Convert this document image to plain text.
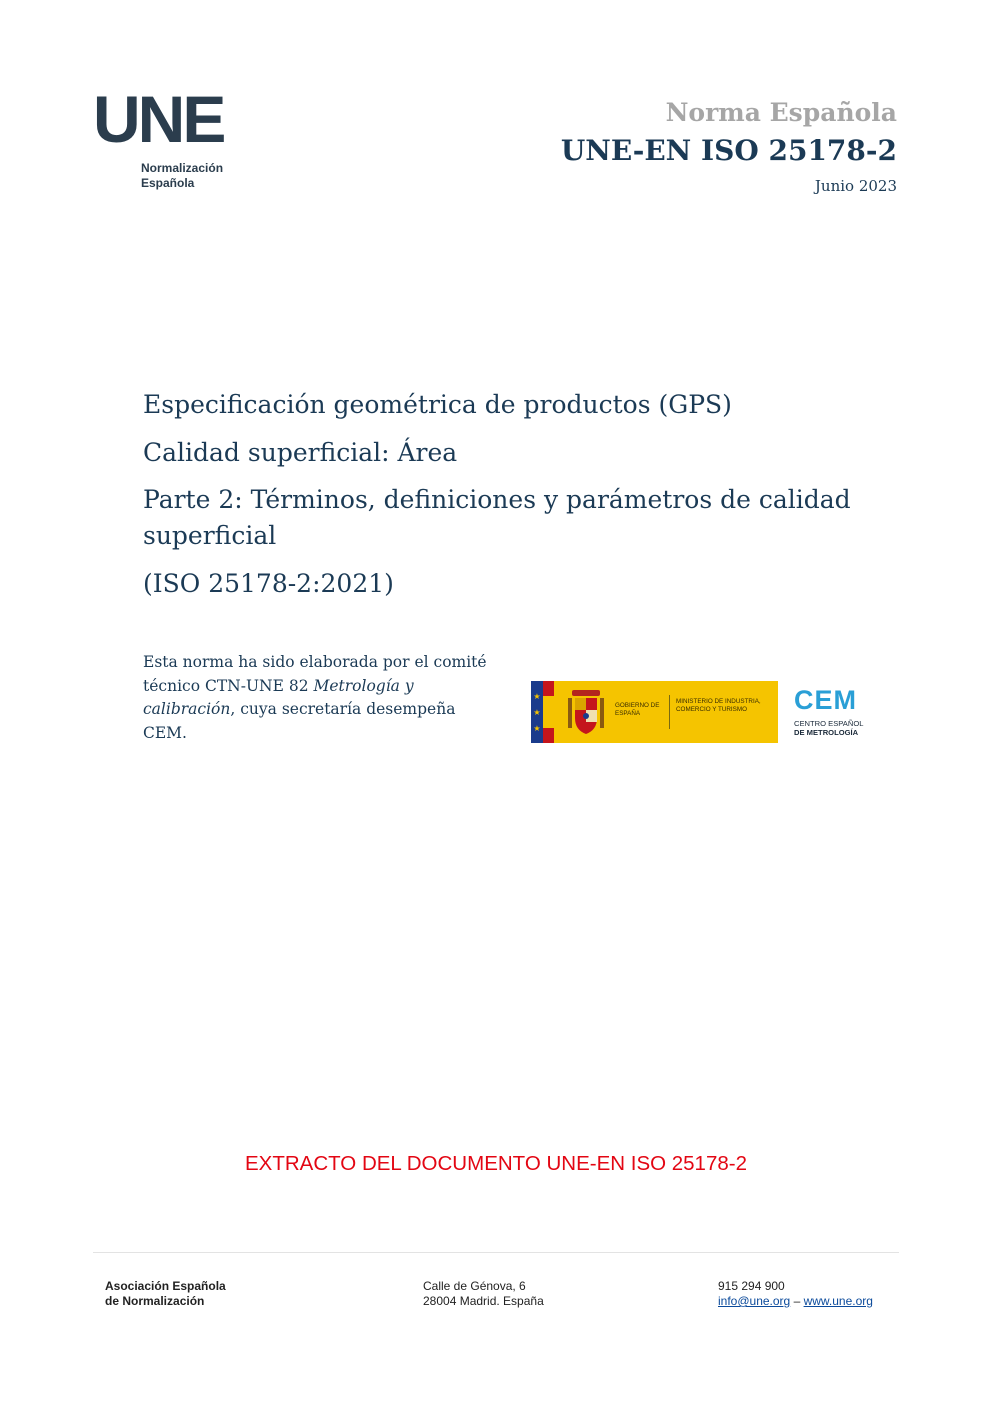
UNE
Normalización
Española
Norma Española
UNE-EN ISO 25178-2
Junio 2023
Especificación geométrica de productos (GPS)
Calidad superficial: Área
Parte 2: Términos, definiciones y parámetros de calidad superficial
(ISO 25178-2:2021)
Esta norma ha sido elaborada por el comité técnico CTN-UNE 82 Metrología y calibración, cuya secretaría desempeña CEM.
★
★
★
GOBIERNO DE ESPAÑA
MINISTERIO DE INDUSTRIA, COMERCIO Y TURISMO	CEM
CENTRO ESPAÑOL
DE METROLOGÍA
EXTRACTO DEL DOCUMENTO UNE-EN ISO 25178-2
Asociación Española
de Normalización
Calle de Génova, 6
28004 Madrid. España
915 294 900
info@une.org – www.une.org
